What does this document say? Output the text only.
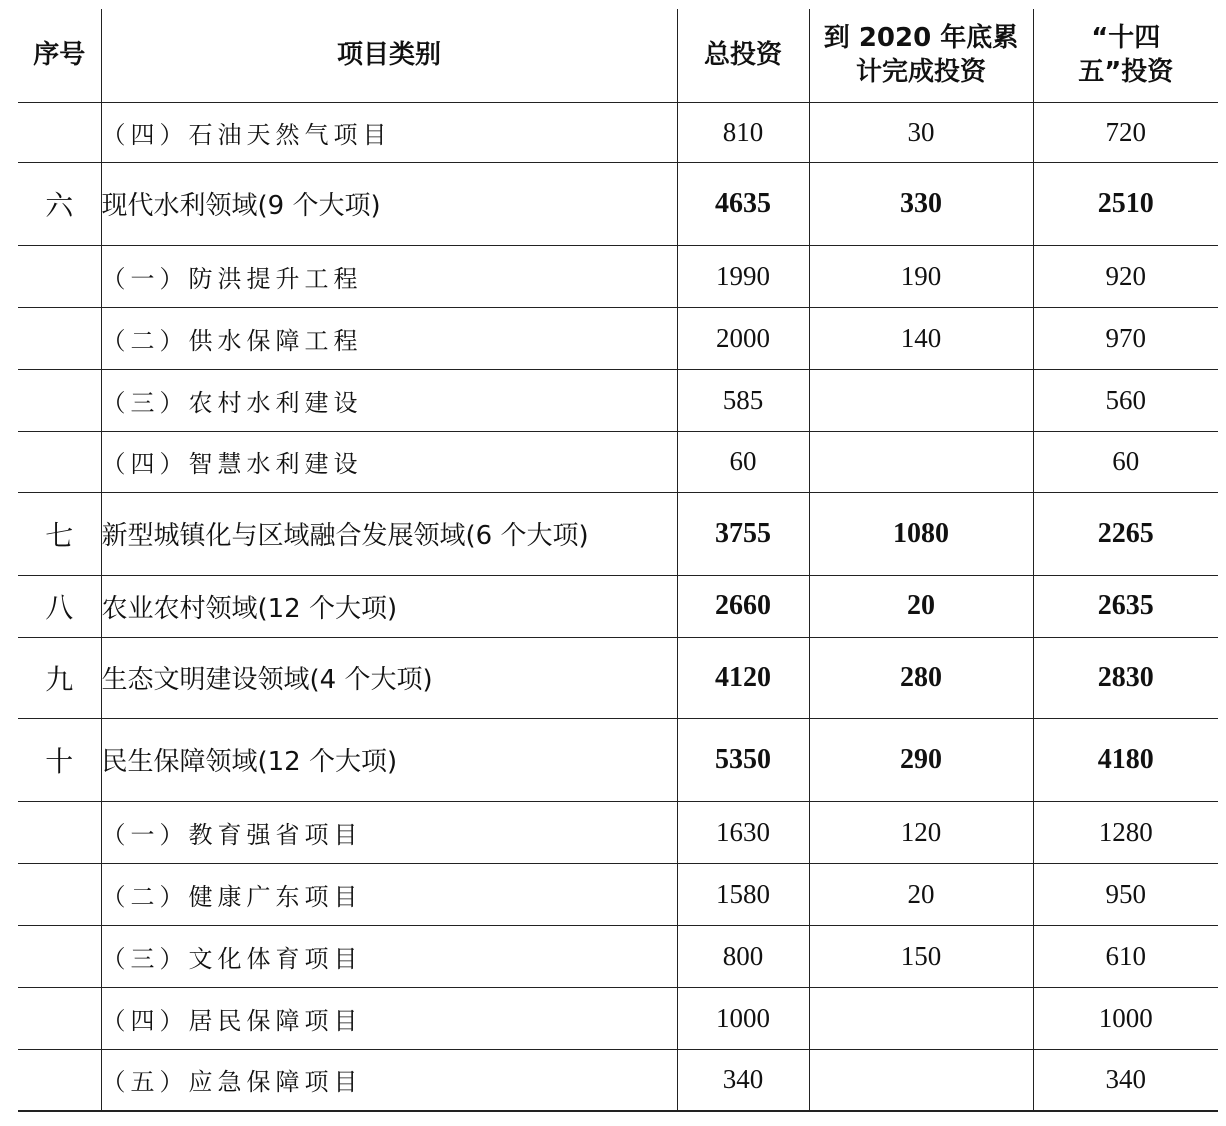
序号	项目类别	总投资	到 2020 年底累计完成投资	“十四五”投资
	（四）石油天然气项目	810	30	720
六	现代水利领域(9 个大项)	4635	330	2510
	（一）防洪提升工程	1990	190	920
	（二）供水保障工程	2000	140	970
	（三）农村水利建设	585		560
	（四）智慧水利建设	60		60
七	新型城镇化与区域融合发展领域(6 个大项)	3755	1080	2265
八	农业农村领域(12 个大项)	2660	20	2635
九	生态文明建设领域(4 个大项)	4120	280	2830
十	民生保障领域(12 个大项)	5350	290	4180
	（一）教育强省项目	1630	120	1280
	（二）健康广东项目	1580	20	950
	（三）文化体育项目	800	150	610
	（四）居民保障项目	1000		1000
	（五）应急保障项目	340		340
